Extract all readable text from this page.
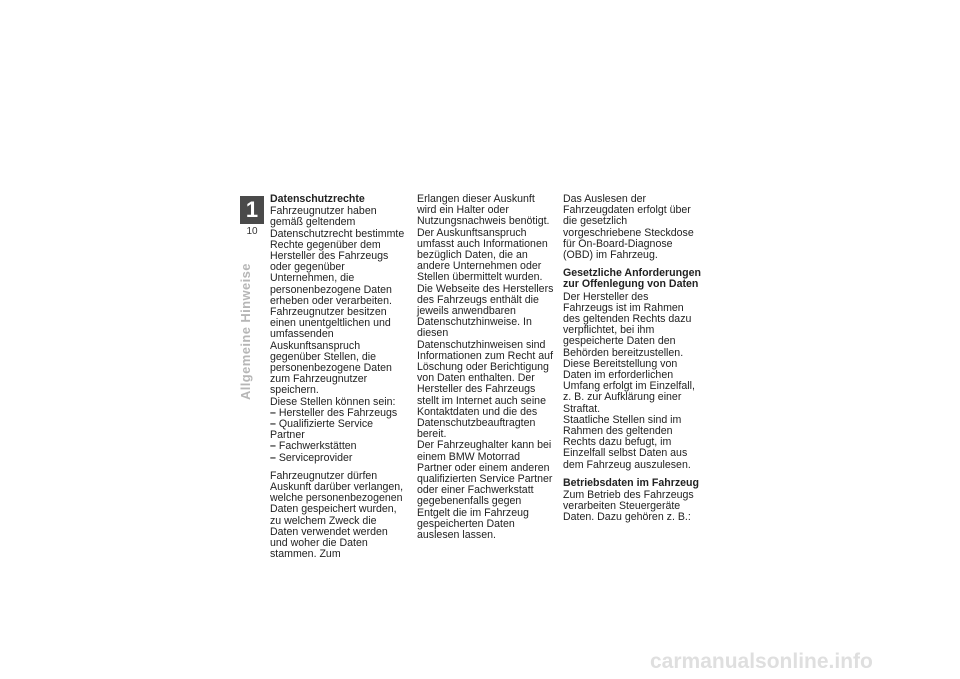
1
10
Allgemeine Hinweise

Datenschutzrechte

Fahrzeugnutzer haben gemäß geltendem Datenschutzrecht bestimmte Rechte gegenüber dem Hersteller des Fahrzeugs oder gegenüber Unternehmen, die personenbezogene Daten erheben oder verarbeiten.

Fahrzeugnutzer besitzen einen unentgeltlichen und umfassenden Auskunftsanspruch gegenüber Stellen, die personenbezogene Daten zum Fahrzeugnutzer speichern.

Diese Stellen können sein:

– Hersteller des Fahrzeugs
– Qualifizierte Service Partner
– Fachwerkstätten
– Serviceprovider

Fahrzeugnutzer dürfen Auskunft darüber verlangen, welche personenbezogenen Daten gespeichert wurden, zu welchem Zweck die Daten verwendet werden und woher die Daten stammen. Zum

Erlangen dieser Auskunft wird ein Halter oder Nutzungsnachweis benötigt.

Der Auskunftsanspruch umfasst auch Informationen bezüglich Daten, die an andere Unternehmen oder Stellen übermittelt wurden.

Die Webseite des Herstellers des Fahrzeugs enthält die jeweils anwendbaren Datenschutzhinweise. In diesen Datenschutzhinweisen sind Informationen zum Recht auf Löschung oder Berichtigung von Daten enthalten. Der Hersteller des Fahrzeugs stellt im Internet auch seine Kontaktdaten und die des Datenschutzbeauftragten bereit.

Der Fahrzeughalter kann bei einem BMW Motorrad Partner oder einem anderen qualifizierten Service Partner oder einer Fachwerkstatt gegebenenfalls gegen Entgelt die im Fahrzeug gespeicherten Daten auslesen lassen.

Das Auslesen der Fahrzeugdaten erfolgt über die gesetzlich vorgeschriebene Steckdose für On-Board-Diagnose (OBD) im Fahrzeug.

Gesetzliche Anforderungen zur Offenlegung von Daten

Der Hersteller des Fahrzeugs ist im Rahmen des geltenden Rechts dazu verpflichtet, bei ihm gespeicherte Daten den Behörden bereitzustellen. Diese Bereitstellung von Daten im erforderlichen Umfang erfolgt im Einzelfall, z. B. zur Aufklärung einer Straftat.

Staatliche Stellen sind im Rahmen des geltenden Rechts dazu befugt, im Einzelfall selbst Daten aus dem Fahrzeug auszulesen.

Betriebsdaten im Fahrzeug

Zum Betrieb des Fahrzeugs verarbeiten Steuergeräte Daten. Dazu gehören z. B.:

carmanualsonline.info
